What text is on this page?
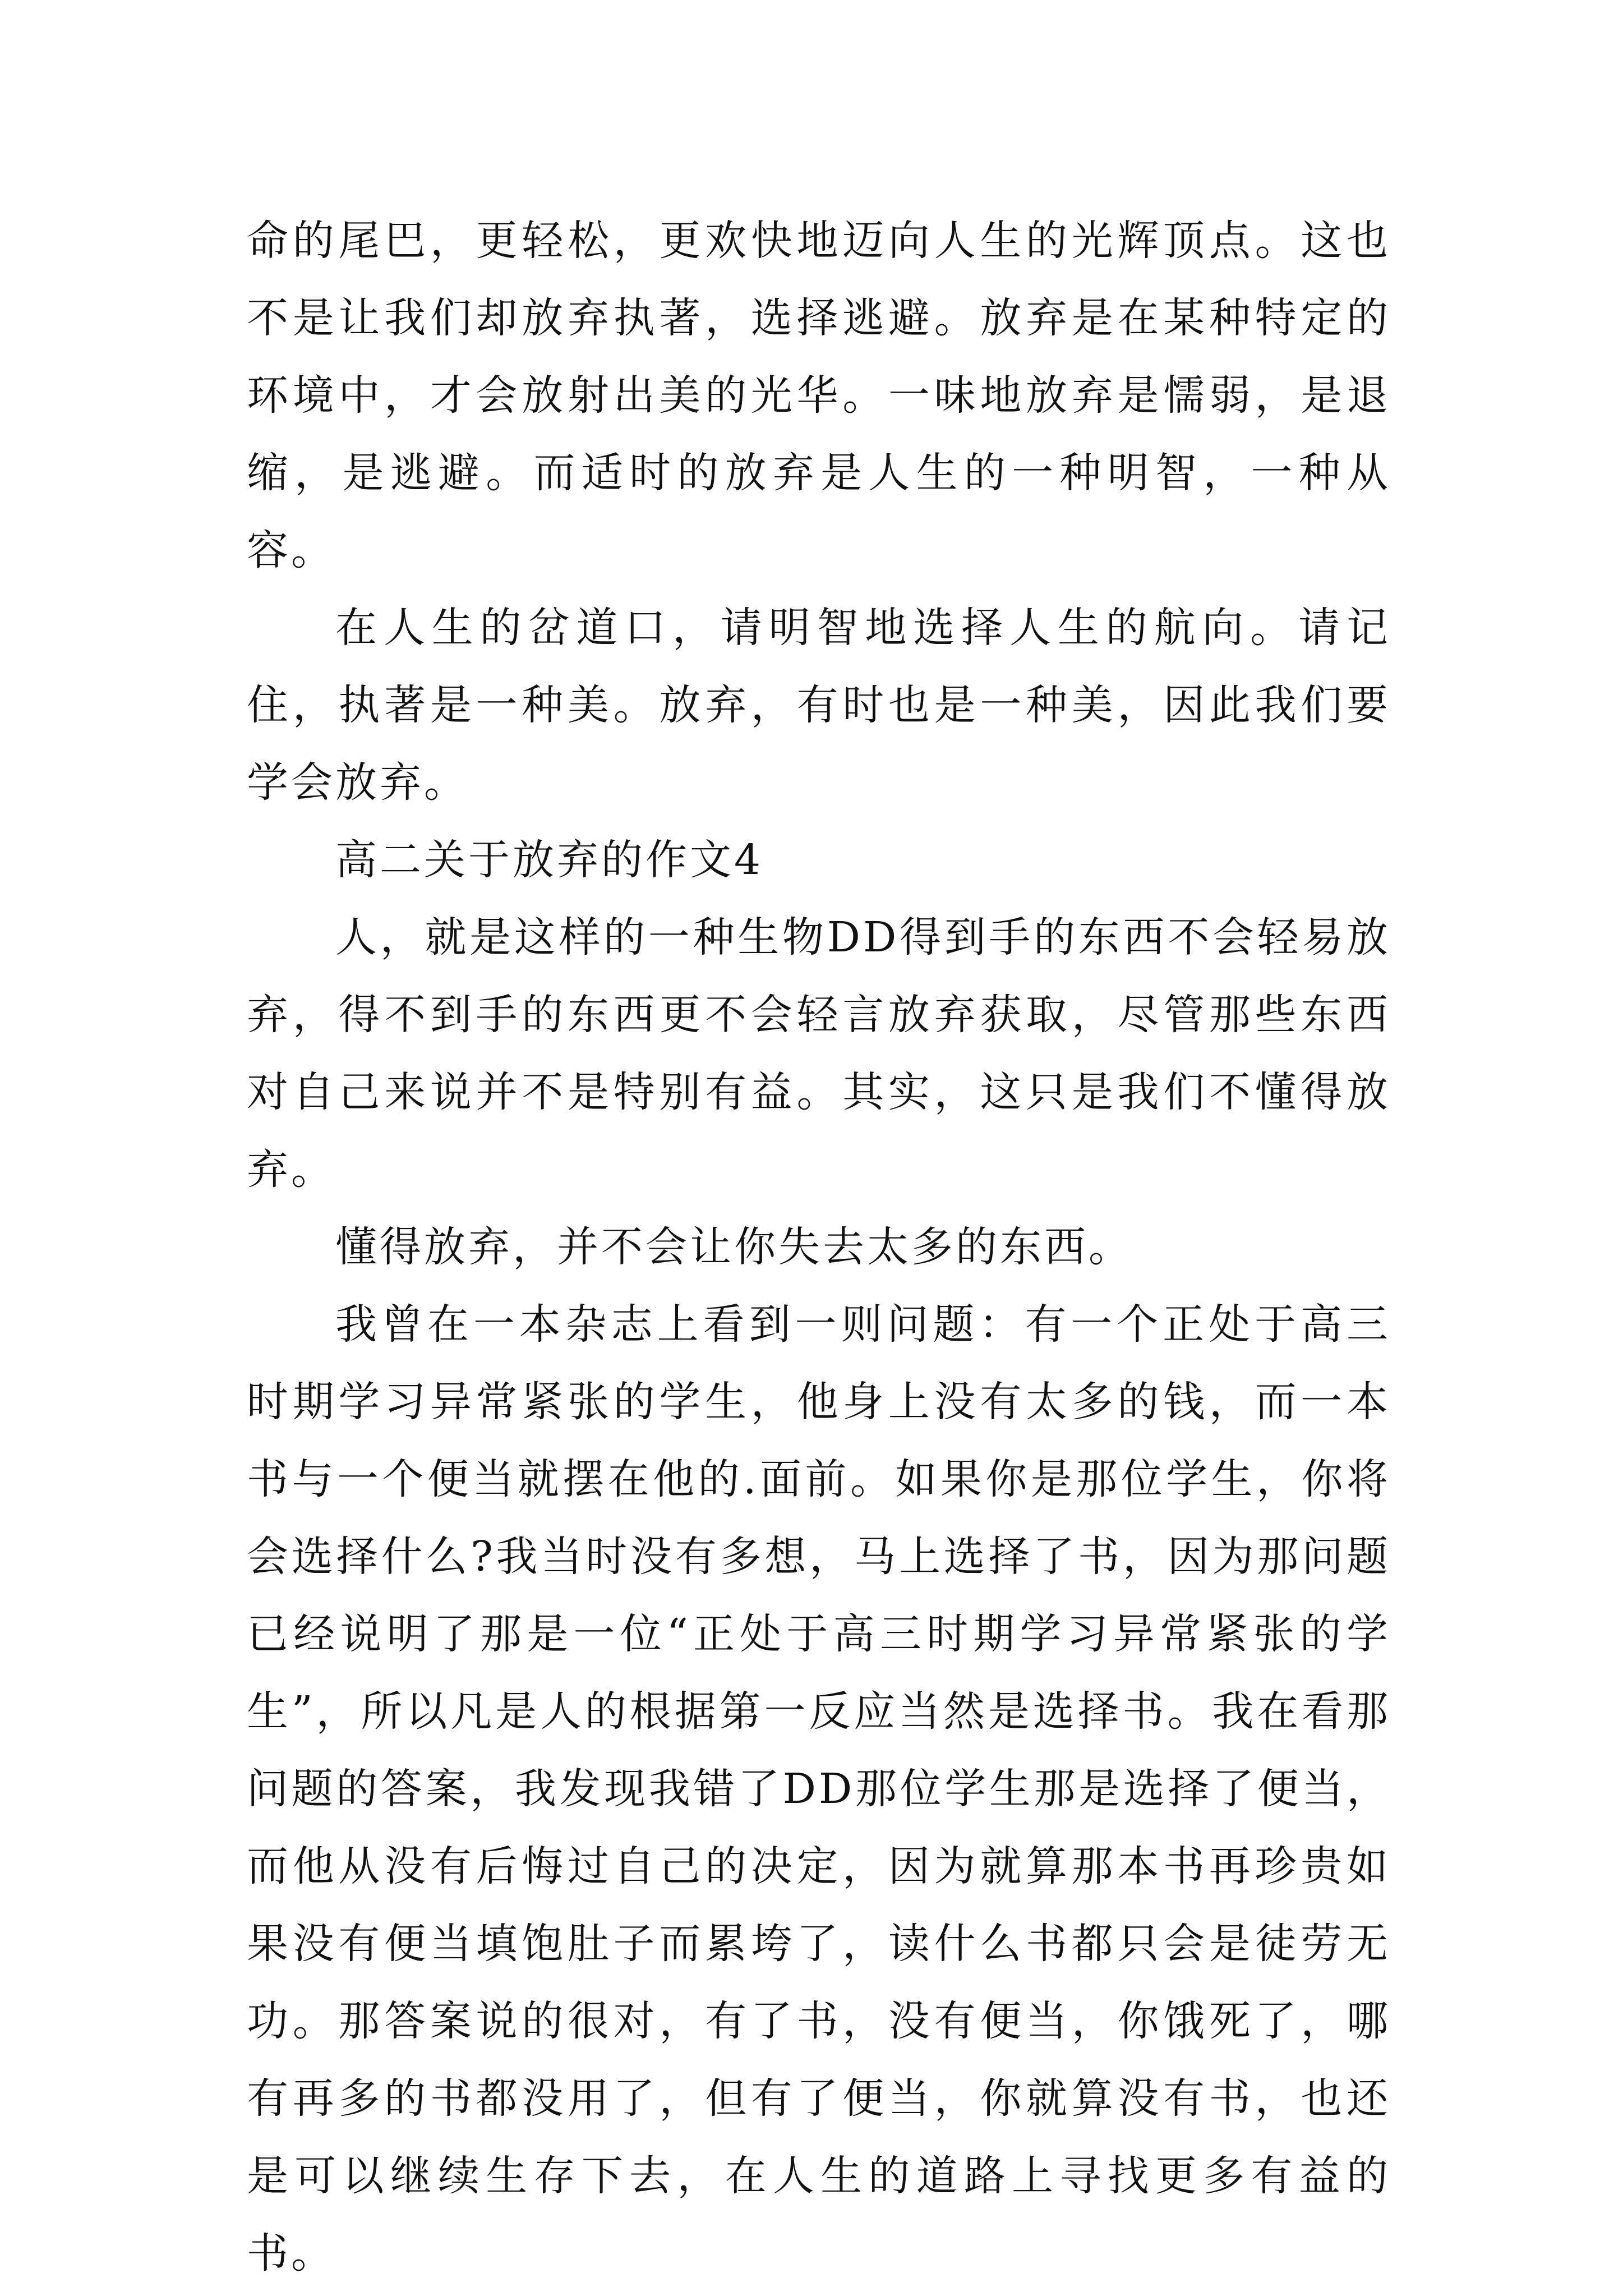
命的尾巴，更轻松，更欢快地迈向人生的光辉顶点。这也不是让我们却放弃执著，选择逃避。放弃是在某种特定的环境中，才会放射出美的光华。一味地放弃是懦弱，是退缩，是逃避。而适时的放弃是人生的一种明智，一种从容。

在人生的岔道口，请明智地选择人生的航向。请记住，执著是一种美。放弃，有时也是一种美，因此我们要学会放弃。

高二关于放弃的作文4

人，就是这样的一种生物DD得到手的东西不会轻易放弃，得不到手的东西更不会轻言放弃获取，尽管那些东西对自己来说并不是特别有益。其实，这只是我们不懂得放弃。

懂得放弃，并不会让你失去太多的东西。

我曾在一本杂志上看到一则问题：有一个正处于高三时期学习异常紧张的学生，他身上没有太多的钱，而一本书与一个便当就摆在他的.面前。如果你是那位学生，你将会选择什么?我当时没有多想，马上选择了书，因为那问题已经说明了那是一位“正处于高三时期学习异常紧张的学生”，所以凡是人的根据第一反应当然是选择书。我在看那问题的答案，我发现我错了DD那位学生那是选择了便当，而他从没有后悔过自己的决定，因为就算那本书再珍贵如果没有便当填饱肚子而累垮了，读什么书都只会是徒劳无功。那答案说的很对，有了书，没有便当，你饿死了，哪有再多的书都没用了，但有了便当，你就算没有书，也还是可以继续生存下去，在人生的道路上寻找更多有益的书。
